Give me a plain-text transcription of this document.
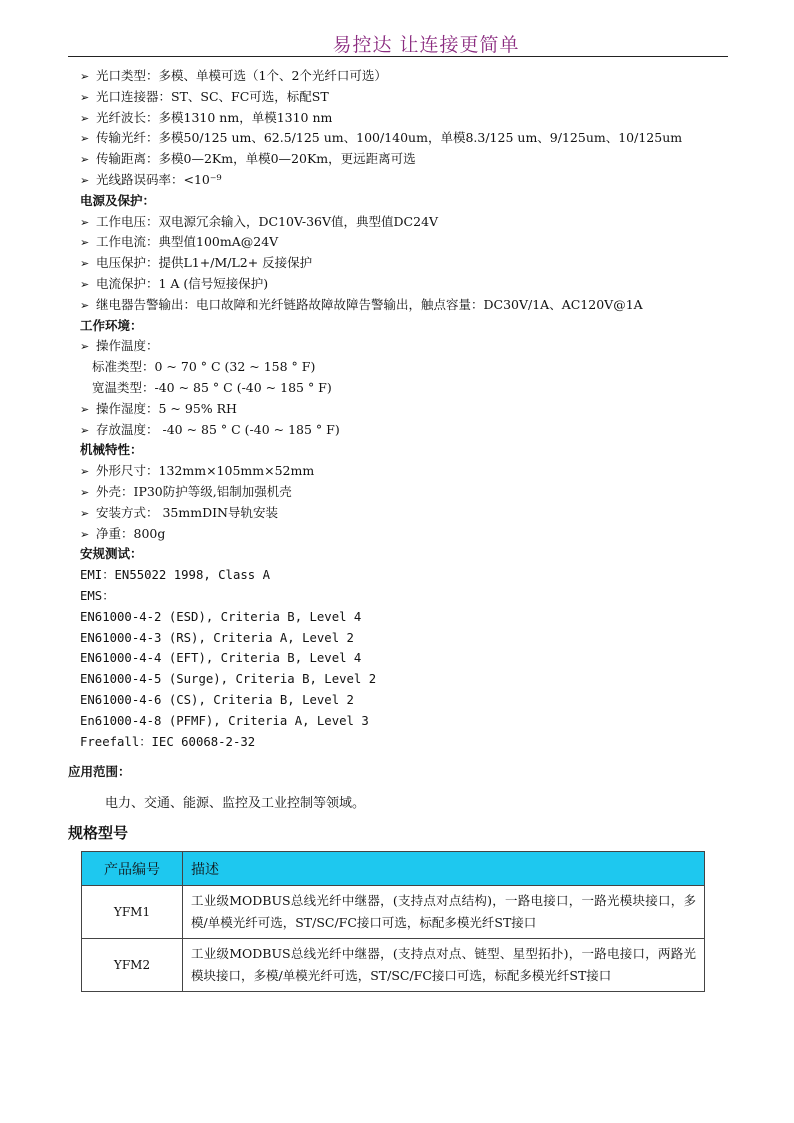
易控达 让连接更简单
➢ 光口类型：多模、单模可选（1个、2个光纤口可选）
➢ 光口连接器：ST、SC、FC可选，标配ST
➢ 光纤波长：多模1310 nm，单模1310 nm
➢ 传输光纤：多模50/125 um、62.5/125 um、100/140um，单模8.3/125 um、9/125um、10/125um
➢ 传输距离：多模0—2Km，单模0—20Km，更远距离可选
➢ 光线路误码率：<10⁻⁹
电源及保护：
➢ 工作电压：双电源冗余输入，DC10V-36V值，典型值DC24V
➢ 工作电流：典型值100mA@24V
➢ 电压保护：提供L1+/M/L2+ 反接保护
➢ 电流保护：1 A (信号短接保护)
➢ 继电器告警输出：电口故障和光纤链路故障故障告警输出，触点容量：DC30V/1A、AC120V@1A
工作环境：
➢ 操作温度：
标准类型：0 ~ 70 ° C (32 ~ 158 ° F)
宽温类型：-40 ~ 85 ° C (-40 ~ 185 ° F)
➢ 操作湿度：5 ~ 95% RH
➢ 存放温度： -40 ~ 85 ° C (-40 ~ 185 ° F)
机械特性：
➢ 外形尺寸：132mm×105mm×52mm
➢ 外壳：IP30防护等级,铝制加强机壳
➢ 安装方式： 35mmDIN导轨安装
➢ 净重：800g
安规测试：
EMI：EN55022 1998, Class A
EMS：
EN61000-4-2 (ESD), Criteria B, Level 4
EN61000-4-3 (RS), Criteria A, Level 2
EN61000-4-4 (EFT), Criteria B, Level 4
EN61000-4-5 (Surge), Criteria B, Level 2
EN61000-4-6 (CS), Criteria B, Level 2
En61000-4-8 (PFMF), Criteria A, Level 3
Freefall：IEC 60068-2-32
应用范围：
电力、交通、能源、监控及工业控制等领域。
规格型号
产品编号	描述
YFM1	工业级MODBUS总线光纤中继器，(支持点对点结构)，一路电接口，一路光模块接口，多模/单模光纤可选，ST/SC/FC接口可选，标配多模光纤ST接口
YFM2	工业级MODBUS总线光纤中继器，(支持点对点、链型、星型拓扑)，一路电接口，两路光模块接口，多模/单模光纤可选，ST/SC/FC接口可选，标配多模光纤ST接口
